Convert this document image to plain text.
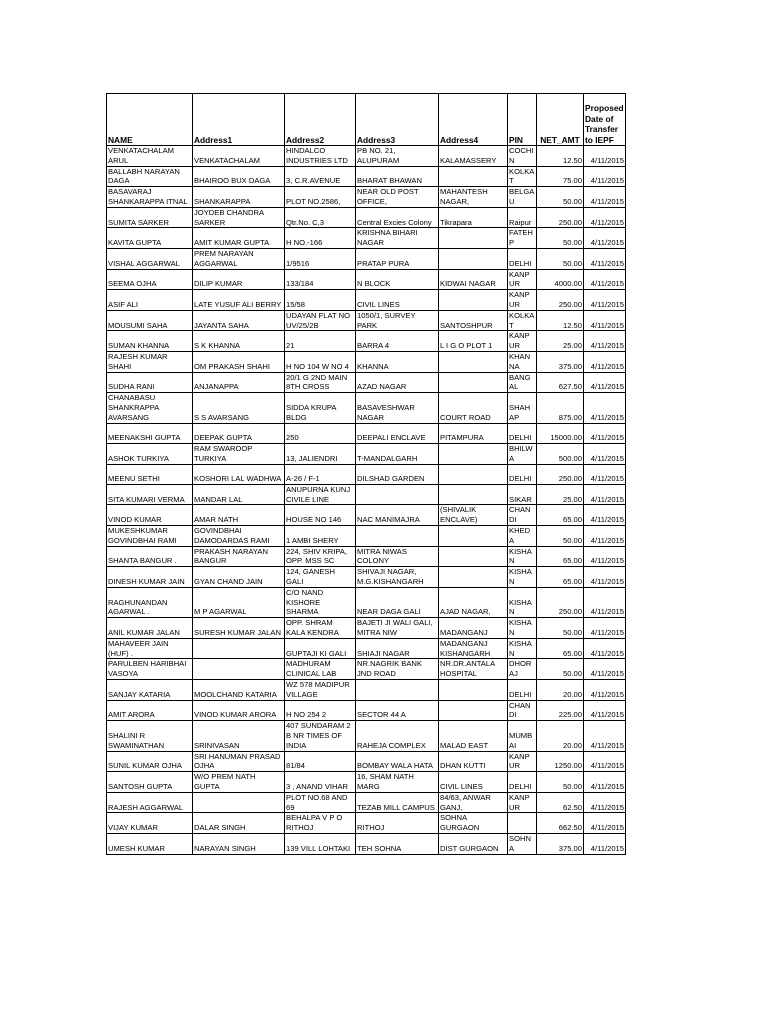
NAME	Address1	Address2	Address3	Address4	PIN	NET_AMT	Proposed Date of Transfer to IEPF
VENKATACHALAM ARUL	VENKATACHALAM	HINDALCO INDUSTRIES LTD	PB NO. 21, ALUPURAM	KALAMASSERY	COCHI N	12.50	4/11/2015
BALLABH NARAYAN DAGA	BHAIROO BUX DAGA	3, C.R.AVENUE	BHARAT BHAWAN		KOLKA T	75.00	4/11/2015
BASAVARAJ SHANKARAPPA ITNAL	SHANKARAPPA	PLOT NO.2586,	NEAR OLD POST OFFICE,	MAHANTESH NAGAR,	BELGA U	50.00	4/11/2015
SUMITA SARKER	JOYDEB CHANDRA SARKER	Qtr.No. C,3	Central Excies Colony	Tikrapara	Raipur	250.00	4/11/2015
KAVITA GUPTA	AMIT KUMAR GUPTA	H NO.-166	KRISHNA BIHARI NAGAR		FATEH P	50.00	4/11/2015
VISHAL AGGARWAL	PREM NARAYAN AGGARWAL	1/9516	PRATAP PURA		DELHI	50.00	4/11/2015
SEEMA OJHA	DILIP KUMAR	133/184	N BLOCK	KIDWAI NAGAR	KANP UR	4000.00	4/11/2015
ASIF ALI	LATE YUSUF ALI BERRY	15/58	CIVIL LINES		KANP UR	250.00	4/11/2015
MOUSUMI SAHA	JAYANTA SAHA	UDAYAN FLAT NO UV/25/2B	1050/1, SURVEY PARK	SANTOSHPUR	KOLKA T	12.50	4/11/2015
SUMAN KHANNA	S K KHANNA	21	BARRA 4	L I G O PLOT 1	KANP UR	25.00	4/11/2015
RAJESH KUMAR SHAHI	OM PRAKASH SHAHI	H NO 104 W NO 4	KHANNA		KHAN NA	375.00	4/11/2015
SUDHA RANI	ANJANAPPA	20/1 G 2ND MAIN 8TH CROSS	AZAD NAGAR		BANG AL	627.50	4/11/2015
CHANABASU SHANKRAPPA AVARSANG	S S AVARSANG	SIDDA KRUPA BLDG	BASAVESHWAR NAGAR	COURT ROAD	SHAH AP	875.00	4/11/2015
MEENAKSHI GUPTA	DEEPAK GUPTA	250	DEEPALI ENCLAVE	PITAMPURA	DELHI	15000.00	4/11/2015
ASHOK TURKIYA	RAM SWAROOP TURKIYA	13, JALIENDRI	T-MANDALGARH		BHILW A	500.00	4/11/2015
MEENU SETHI	KOSHORI LAL WADHWA	A-26 / F-1	DILSHAD GARDEN		DELHI	250.00	4/11/2015
SITA KUMARI VERMA	MANDAR LAL	ANUPURNA KUNJ CIVILE LINE			SIKAR	25.00	4/11/2015
VINOD KUMAR	AMAR NATH	HOUSE NO 146	NAC MANIMAJRA	(SHIVALIK ENCLAVE)	CHAN DI	65.00	4/11/2015
MUKESHKUMAR GOVINDBHAI RAMI	GOVINDBHAI DAMODARDAS RAMI	1 AMBI SHERY			KHED A	50.00	4/11/2015
SHANTA BANGUR .	PRAKASH NARAYAN BANGUR	224, SHIV KRIPA, OPP. MSS SC	MITRA NIWAS COLONY		KISHA N	65.00	4/11/2015
DINESH KUMAR JAIN	GYAN CHAND JAIN	124, GANESH GALI	SHIVAJI NAGAR, M.G.KISHANGARH		KISHA N	65.00	4/11/2015
RAGHUNANDAN AGARWAL .	M P AGARWAL	C/O NAND KISHORE SHARMA	NEAR DAGA GALI	AJAD NAGAR,	KISHA N	250.00	4/11/2015
ANIL KUMAR JALAN	SURESH KUMAR JALAN	OPP. SHRAM KALA KENDRA	BAJETI JI WALI GALI, MITRA NIW	MADANGANJ	KISHA N	50.00	4/11/2015
MAHAVEER JAIN (HUF) .		GUPTAJI KI GALI	SHIAJI NAGAR	MADANGANJ KISHANGARH	KISHA N	65.00	4/11/2015
PARULBEN HARIBHAI VASOYA		MADHURAM CLINICAL LAB	NR.NAGRIK BANK JND ROAD	NR.DR.ANTALA HOSPITAL	DHOR AJ	50.00	4/11/2015
SANJAY KATARIA	MOOLCHAND KATARIA	WZ 578 MADIPUR VILLAGE			DELHI	20.00	4/11/2015
AMIT ARORA	VINOD KUMAR ARORA	H NO 254 2	SECTOR 44 A		CHAN DI	225.00	4/11/2015
SHALINI R SWAMINATHAN	SRINIVASAN	407 SUNDARAM 2 B NR TIMES OF INDIA	RAHEJA COMPLEX	MALAD EAST	MUMB AI	20.00	4/11/2015
SUNIL KUMAR OJHA	SRI HANUMAN PRASAD OJHA	81/84	BOMBAY WALA HATA	DHAN KUTTI	KANP UR	1250.00	4/11/2015
SANTOSH GUPTA	W/O PREM NATH GUPTA	3 , ANAND VIHAR	16, SHAM NATH MARG	CIVIL LINES	DELHI	50.00	4/11/2015
RAJESH AGGARWAL		PLOT NO.68 AND 69	TEZAB MILL CAMPUS	84/63, ANWAR GANJ,	KANP UR	62.50	4/11/2015
VIJAY KUMAR	DALAR SINGH	BEHALPA V P O RITHOJ	RITHOJ	SOHNA GURGAON		662.50	4/11/2015
UMESH KUMAR	NARAYAN SINGH	139 VILL LOHTAKI	TEH SOHNA	DIST GURGAON	SOHN A	375.00	4/11/2015
